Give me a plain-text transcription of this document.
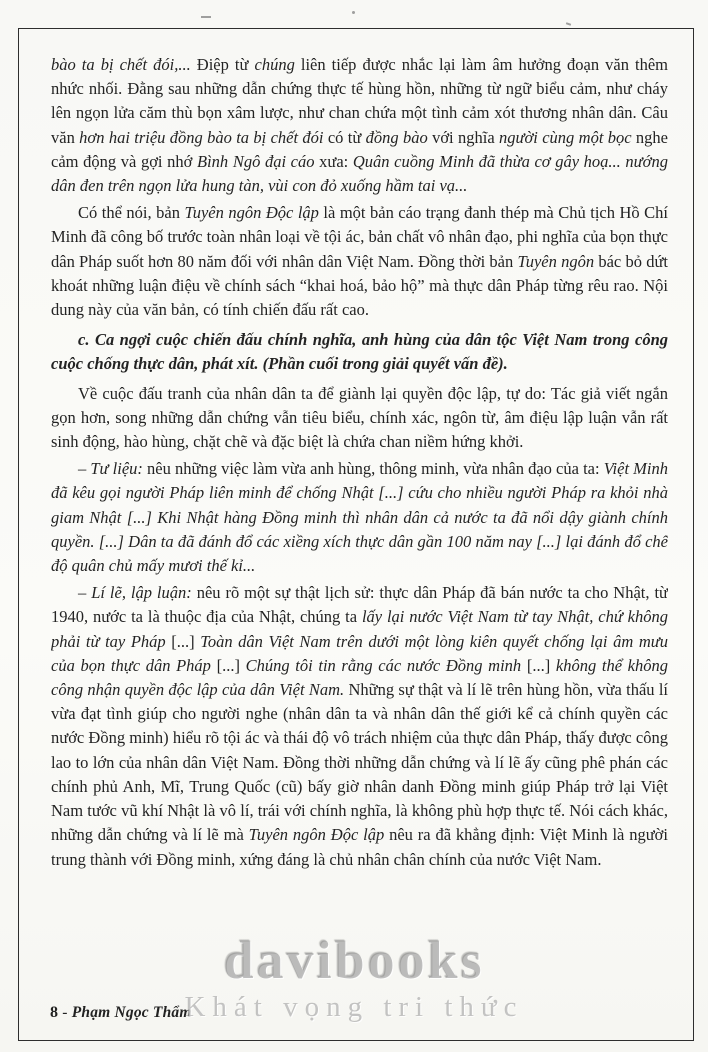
bào ta bị chết đói,... Điệp từ chúng liên tiếp được nhắc lại làm âm hưởng đoạn văn thêm nhức nhối. Đằng sau những dẫn chứng thực tế hùng hồn, những từ ngữ biểu cảm, như cháy lên ngọn lửa căm thù bọn xâm lược, như chan chứa một tình cảm xót thương nhân dân. Câu văn hơn hai triệu đồng bào ta bị chết đói có từ đồng bào với nghĩa người cùng một bọc nghe cảm động và gợi nhớ Bình Ngô đại cáo xưa: Quân cuồng Minh đã thừa cơ gây hoạ... nướng dân đen trên ngọn lửa hung tàn, vùi con đỏ xuống hầm tai vạ...

Có thể nói, bản Tuyên ngôn Độc lập là một bản cáo trạng đanh thép mà Chủ tịch Hồ Chí Minh đã công bố trước toàn nhân loại về tội ác, bản chất vô nhân đạo, phi nghĩa của bọn thực dân Pháp suốt hơn 80 năm đối với nhân dân Việt Nam. Đồng thời bản Tuyên ngôn bác bỏ dứt khoát những luận điệu về chính sách “khai hoá, bảo hộ” mà thực dân Pháp từng rêu rao. Nội dung này của văn bản, có tính chiến đấu rất cao.

c. Ca ngợi cuộc chiến đấu chính nghĩa, anh hùng của dân tộc Việt Nam trong công cuộc chống thực dân, phát xít. (Phần cuối trong giải quyết vấn đề).

Về cuộc đấu tranh của nhân dân ta để giành lại quyền độc lập, tự do: Tác giả viết ngắn gọn hơn, song những dẫn chứng vẫn tiêu biểu, chính xác, ngôn từ, âm điệu lập luận vẫn rất sinh động, hào hùng, chặt chẽ và đặc biệt là chứa chan niềm hứng khởi.

– Tư liệu: nêu những việc làm vừa anh hùng, thông minh, vừa nhân đạo của ta: Việt Minh đã kêu gọi người Pháp liên minh để chống Nhật [...] cứu cho nhiều người Pháp ra khỏi nhà giam Nhật [...] Khi Nhật hàng Đồng minh thì nhân dân cả nước ta đã nổi dậy giành chính quyền. [...] Dân ta đã đánh đổ các xiềng xích thực dân gần 100 năm nay [...] lại đánh đổ chế độ quân chủ mấy mươi thế kỉ...

– Lí lẽ, lập luận: nêu rõ một sự thật lịch sử: thực dân Pháp đã bán nước ta cho Nhật, từ 1940, nước ta là thuộc địa của Nhật, chúng ta lấy lại nước Việt Nam từ tay Nhật, chứ không phải từ tay Pháp [...] Toàn dân Việt Nam trên dưới một lòng kiên quyết chống lại âm mưu của bọn thực dân Pháp [...] Chúng tôi tin rằng các nước Đồng minh [...] không thể không công nhận quyền độc lập của dân Việt Nam. Những sự thật và lí lẽ trên hùng hồn, vừa thấu lí vừa đạt tình giúp cho người nghe (nhân dân ta và nhân dân thế giới kể cả chính quyền các nước Đồng minh) hiểu rõ tội ác và thái độ vô trách nhiệm của thực dân Pháp, thấy được công lao to lớn của nhân dân Việt Nam. Đồng thời những dẫn chứng và lí lẽ ấy cũng phê phán các chính phủ Anh, Mĩ, Trung Quốc (cũ) bấy giờ nhân danh Đồng minh giúp Pháp trở lại Việt Nam tước vũ khí Nhật là vô lí, trái với chính nghĩa, là không phù hợp thực tế. Nói cách khác, những dẫn chứng và lí lẽ mà Tuyên ngôn Độc lập nêu ra đã khẳng định: Việt Minh là người trung thành với Đồng minh, xứng đáng là chủ nhân chân chính của nước Việt Nam.

8 - Phạm Ngọc Thẩm
davibooks
Khát vọng tri thức
